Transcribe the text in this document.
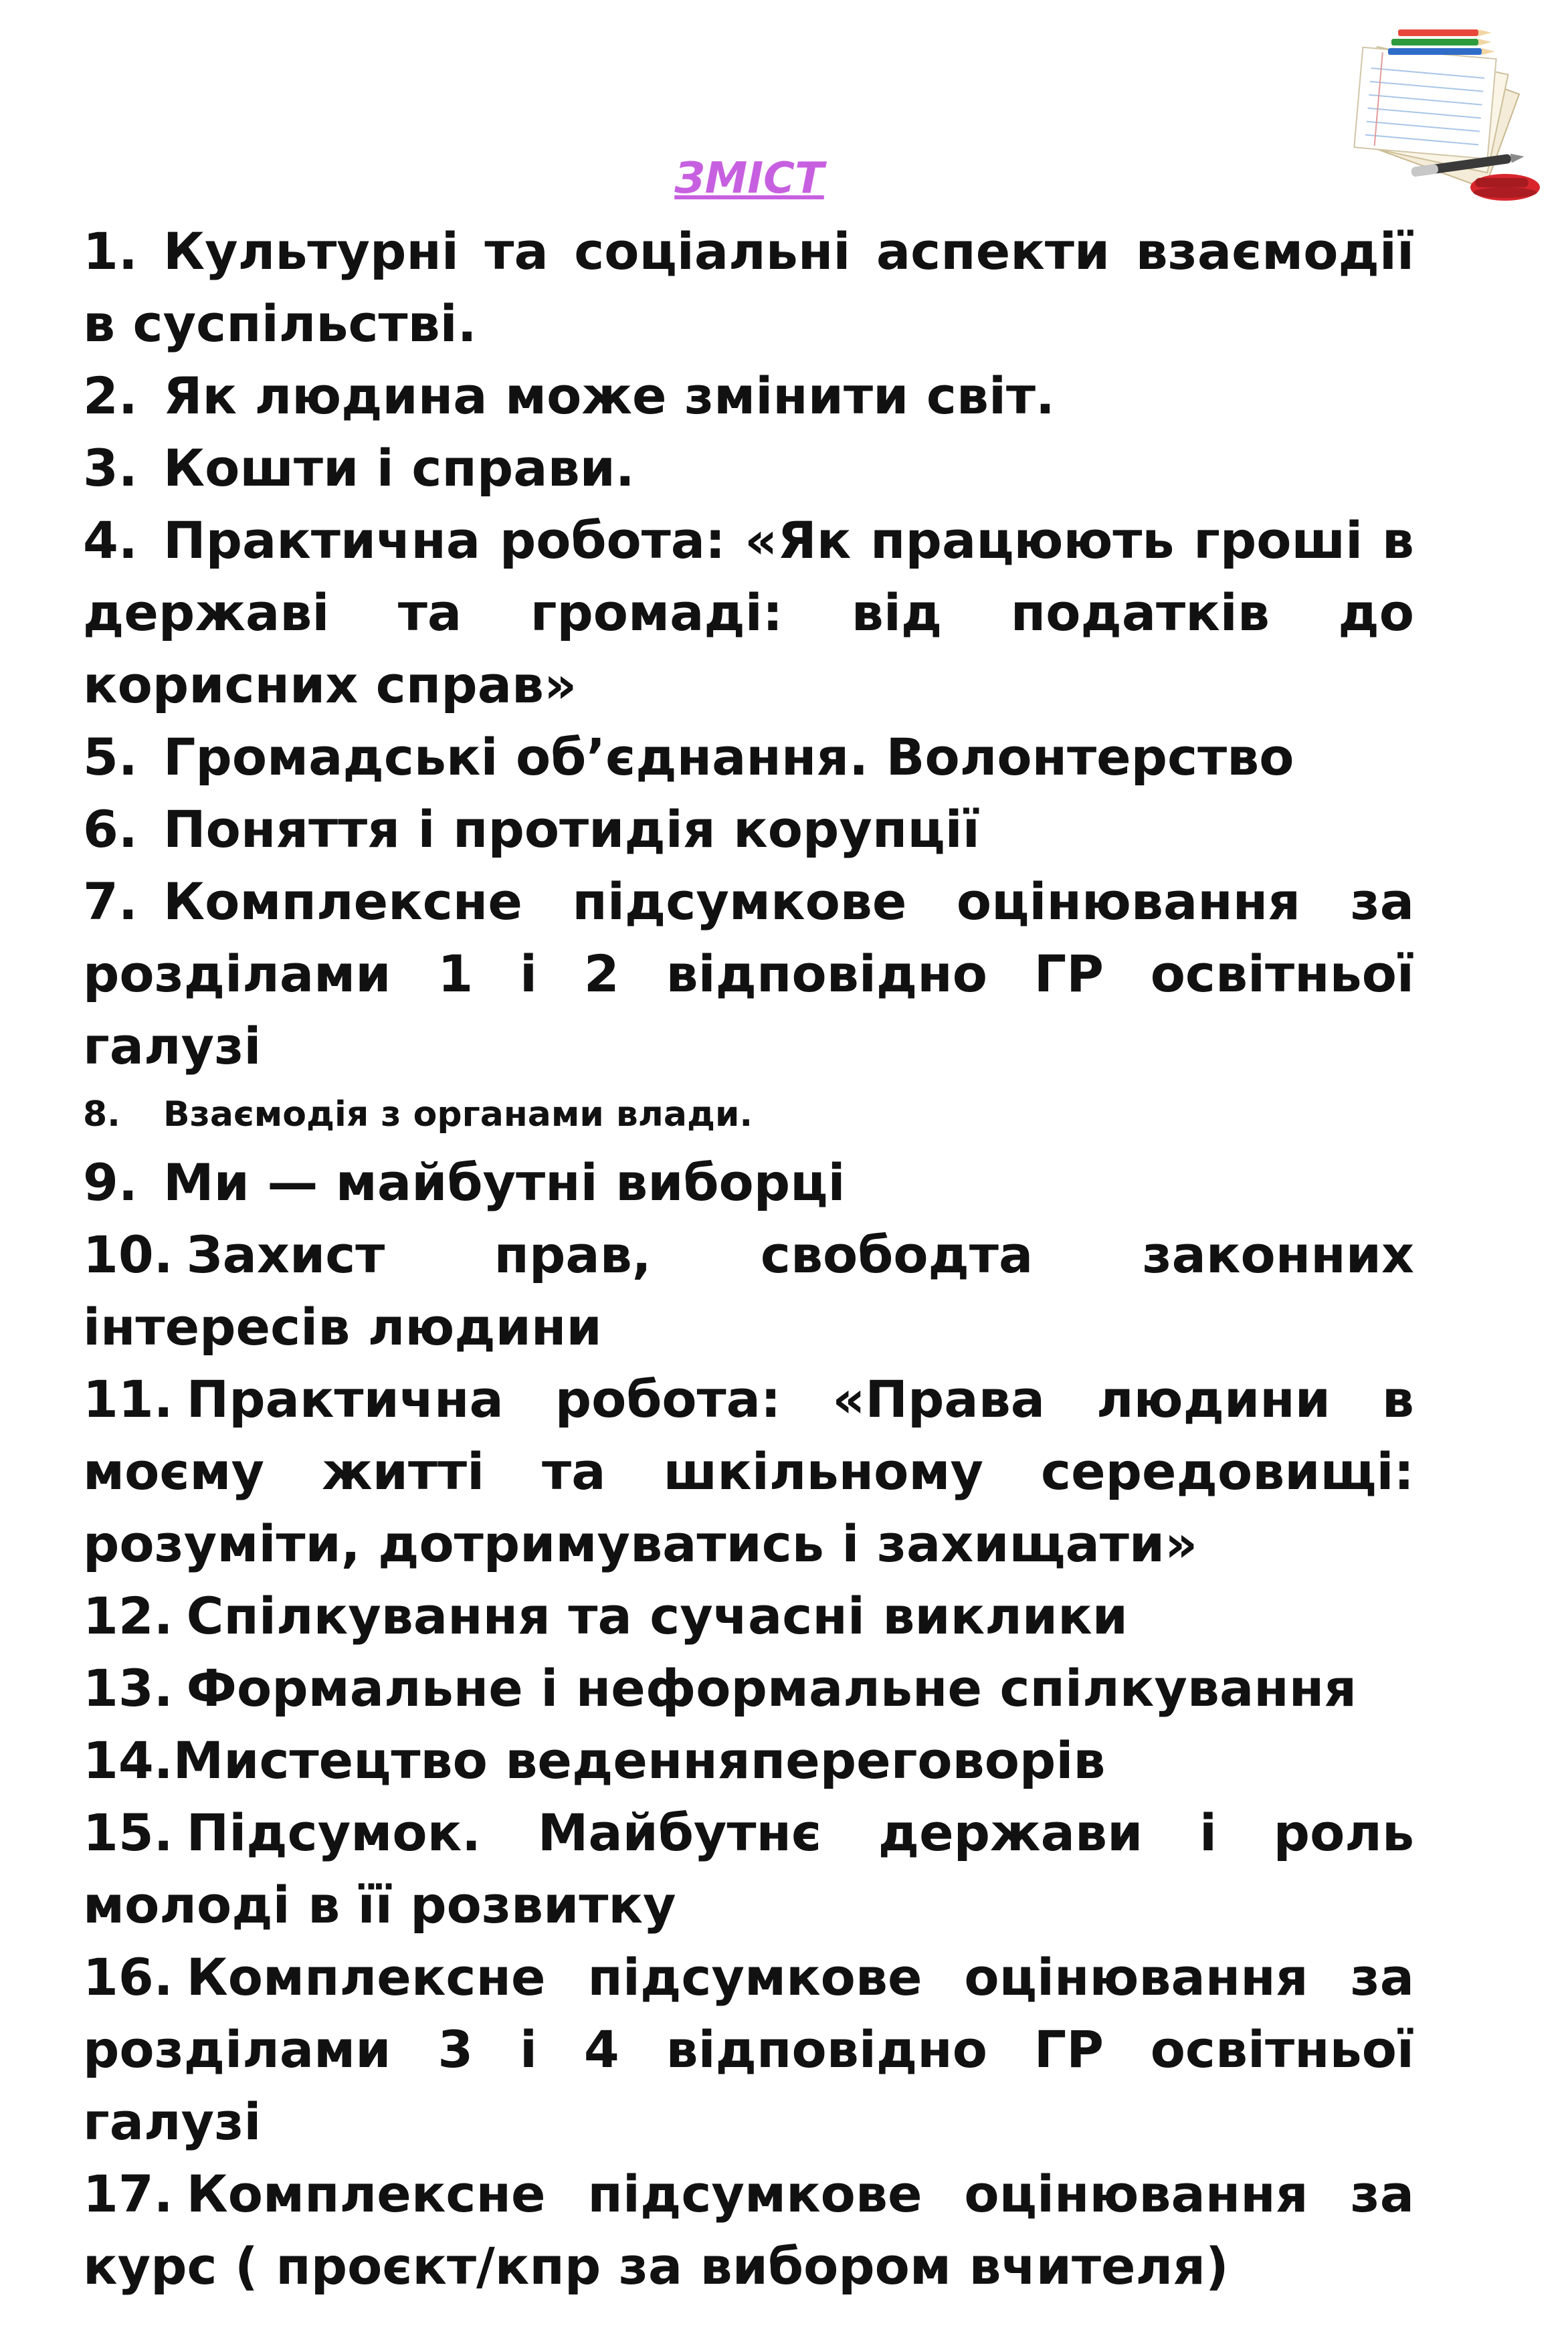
ЗМІСТ
1. Культурні та соціальні аспекти взаємодії в суспільстві.
2. Як людина може змінити світ.
3. Кошти і справи.
4. Практична робота: «Як працюють гроші в державі та громаді: від податків до корисних справ»
5. Громадські об’єднання. Волонтерство
6. Поняття і протидія корупції
7. Комплексне підсумкове оцінювання за розділами 1 і 2 відповідно ГР освітньої галузі
8. Взаємодія з органами влади.
9. Ми — майбутні виборці
10. Захист прав, свободта законних інтересів людини
11. Практична робота: «Права людини в моєму житті та шкільному середовищі: розуміти, дотримуватись і захищати»
12. Спілкування та сучасні виклики
13. Формальне і неформальне спілкування
14.Мистецтво веденняпереговорів
15. Підсумок. Майбутнє держави і роль молоді в її розвитку
16. Комплексне підсумкове оцінювання за розділами 3 і 4 відповідно ГР освітньої галузі
17. Комплексне підсумкове оцінювання за курс ( проєкт/кпр за вибором вчителя)
